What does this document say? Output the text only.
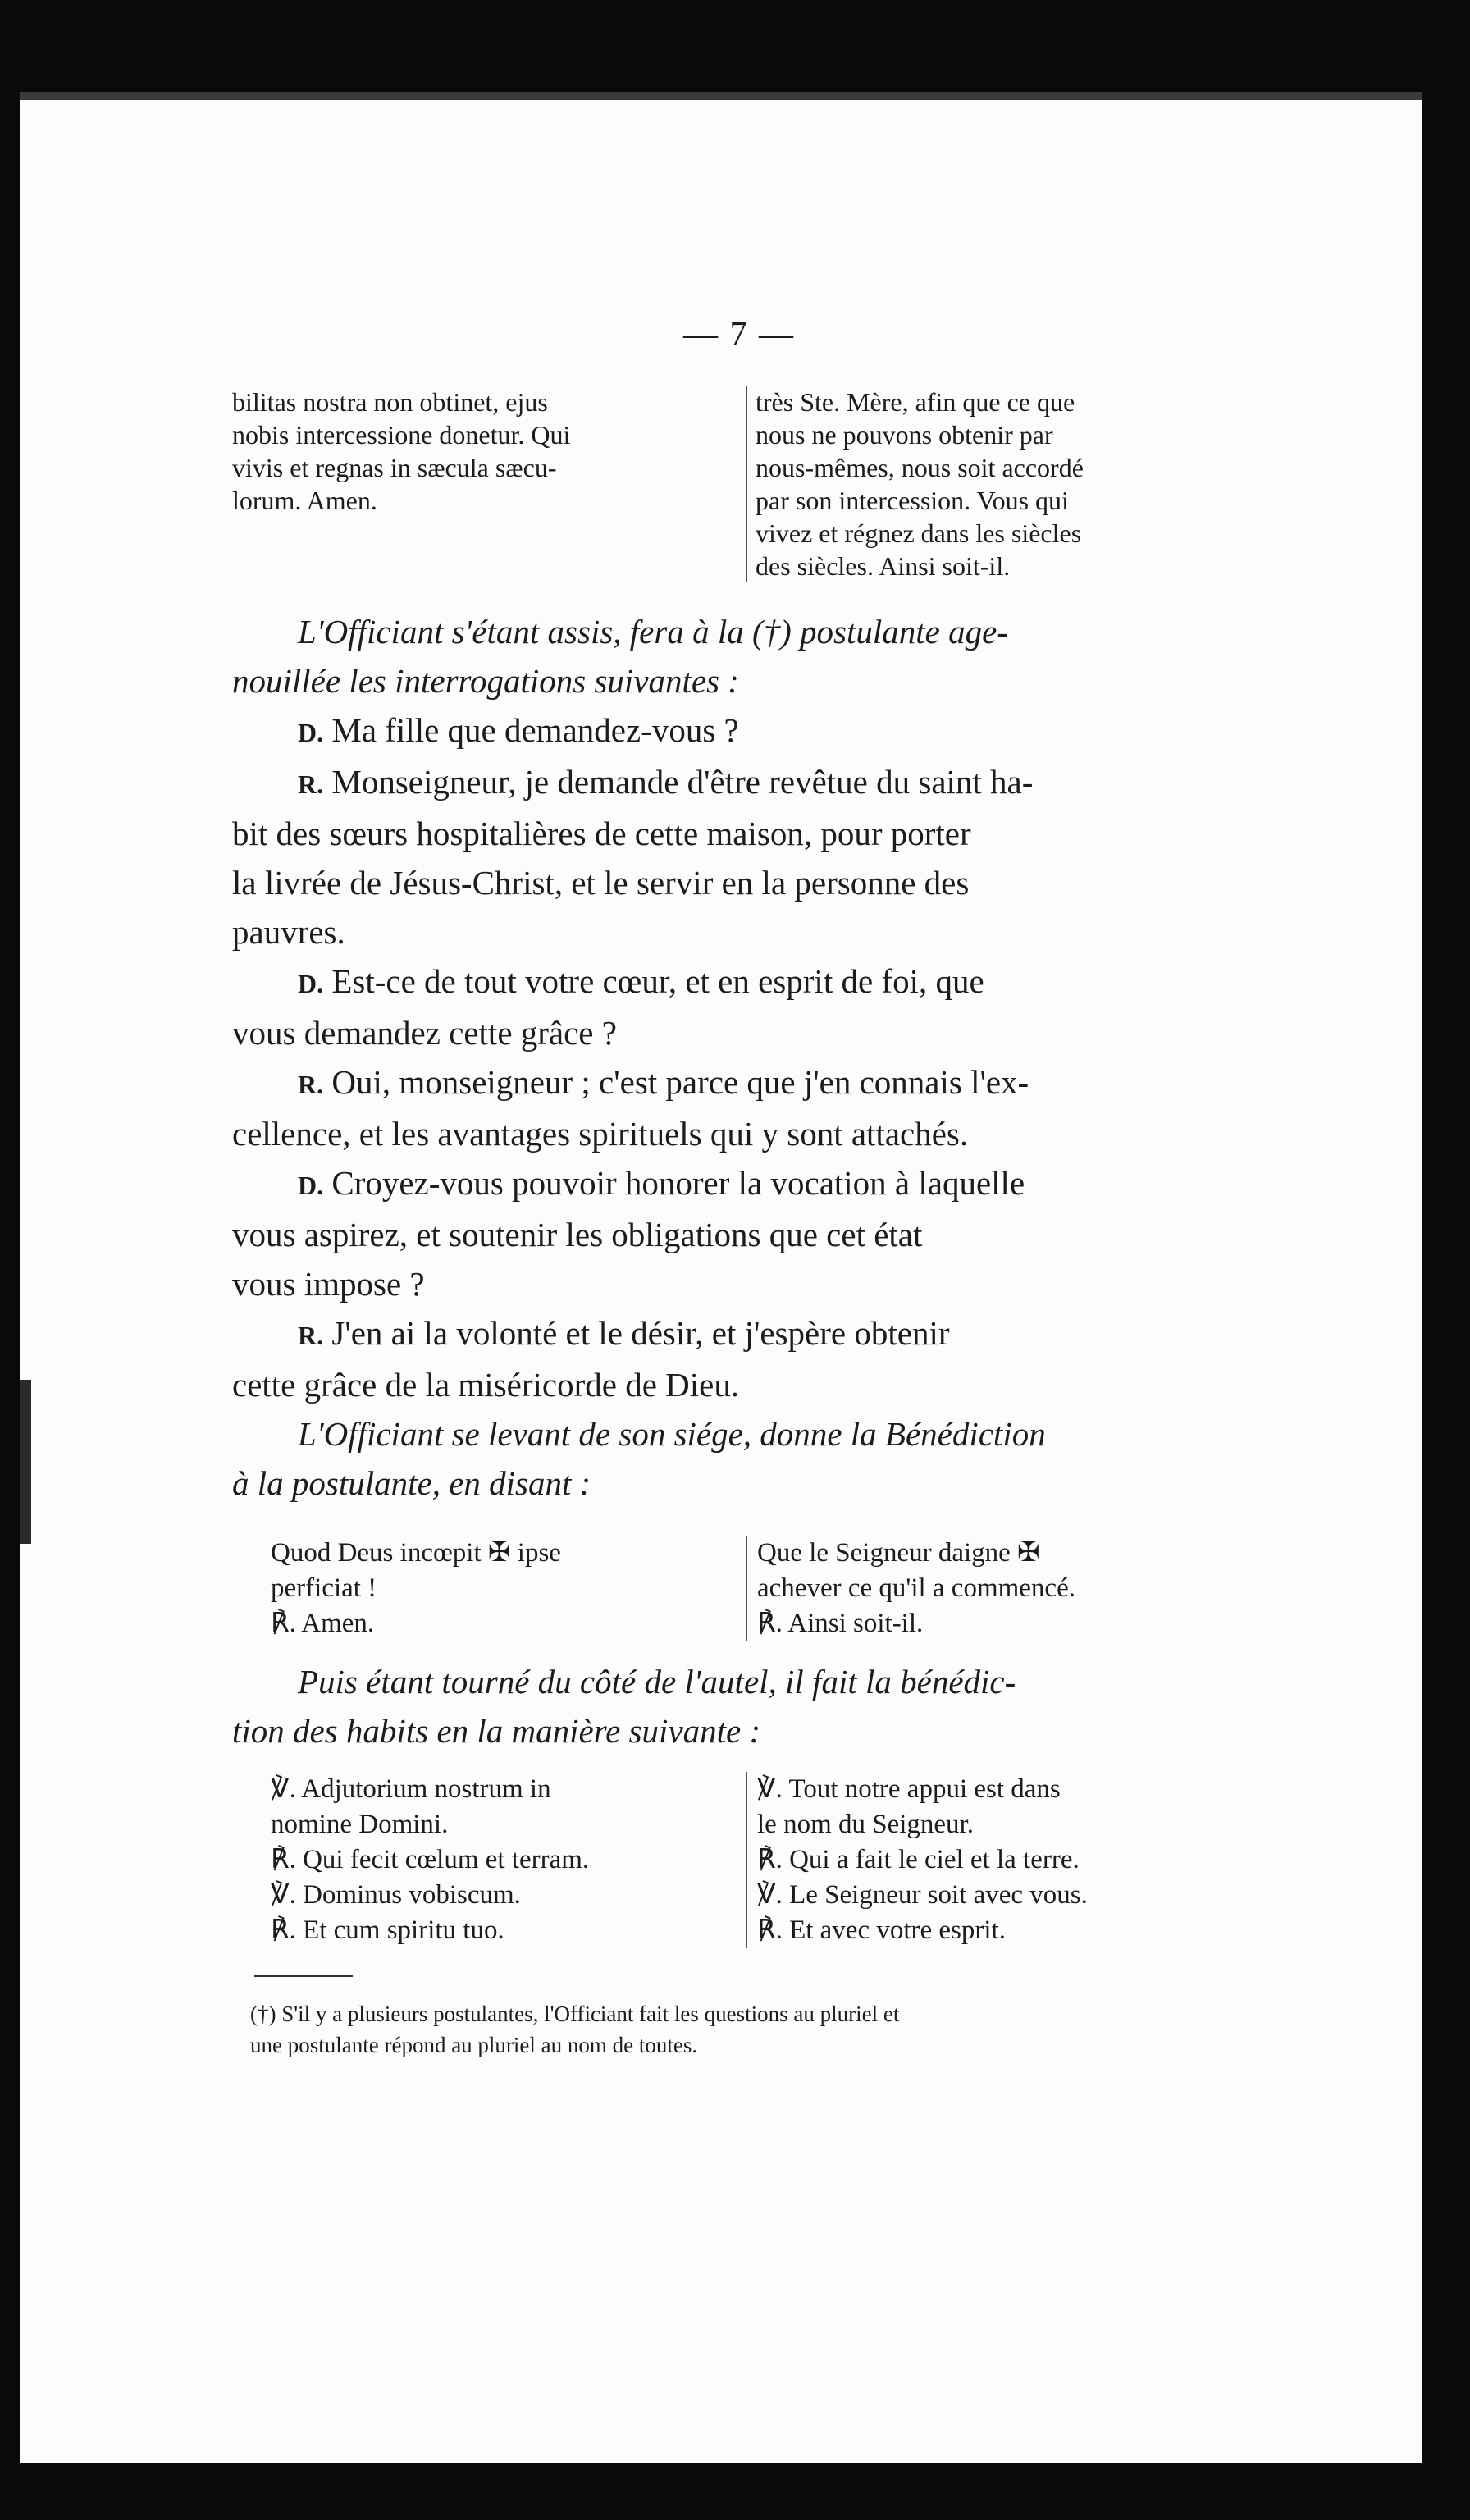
— 7 —
bilitas nostra non obtinet, ejus
nobis intercessione donetur. Qui
vivis et regnas in sæcula sæcu-
lorum. Amen.
très Ste. Mère, afin que ce que
nous ne pouvons obtenir par
nous-mêmes, nous soit accordé
par son intercession. Vous qui
vivez et régnez dans les siècles
des siècles. Ainsi soit-il.
L'Officiant s'étant assis, fera à la (†) postulante age-
nouillée les interrogations suivantes :
D. Ma fille que demandez-vous ?
R. Monseigneur, je demande d'être revêtue du saint ha-
bit des sœurs hospitalières de cette maison, pour porter
la livrée de Jésus-Christ, et le servir en la personne des
pauvres.
D. Est-ce de tout votre cœur, et en esprit de foi, que
vous demandez cette grâce ?
R. Oui, monseigneur ; c'est parce que j'en connais l'ex-
cellence, et les avantages spirituels qui y sont attachés.
D. Croyez-vous pouvoir honorer la vocation à laquelle
vous aspirez, et soutenir les obligations que cet état
vous impose ?
R. J'en ai la volonté et le désir, et j'espère obtenir
cette grâce de la miséricorde de Dieu.
L'Officiant se levant de son siége, donne la Bénédiction
à la postulante, en disant :
Quod Deus incœpit ✠ ipse
perficiat !
℟. Amen.
Que le Seigneur daigne ✠
achever ce qu'il a commencé.
℟. Ainsi soit-il.
Puis étant tourné du côté de l'autel, il fait la bénédic-
tion des habits en la manière suivante :
℣. Adjutorium nostrum in
nomine Domini.
℟. Qui fecit cœlum et terram.
℣. Dominus vobiscum.
℟. Et cum spiritu tuo.
℣. Tout notre appui est dans
le nom du Seigneur.
℟. Qui a fait le ciel et la terre.
℣. Le Seigneur soit avec vous.
℟. Et avec votre esprit.
(†) S'il y a plusieurs postulantes, l'Officiant fait les questions au pluriel et
une postulante répond au pluriel au nom de toutes.
